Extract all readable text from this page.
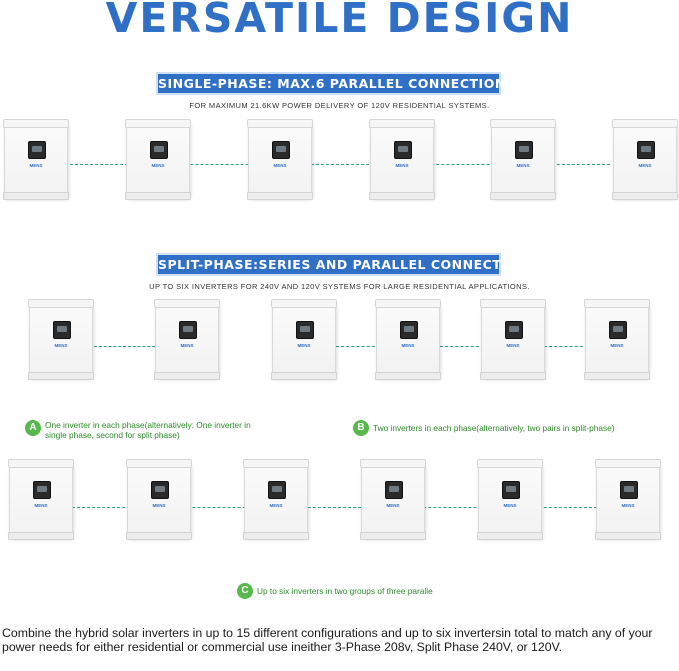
VERSATILE DESIGN
SINGLE-PHASE: MAX.6 PARALLEL CONNECTION
FOR MAXIMUM 21.6KW POWER DELIVERY OF 120V RESIDENTIAL SYSTEMS.
MENS	MENS	MENS	MENS	MENS	MENS
SPLIT-PHASE:SERIES AND PARALLEL CONNECTION
UP TO SIX INVERTERS FOR 240V AND 120V SYSTEMS FOR LARGE RESIDENTIAL APPLICATIONS.
MENS	MENS	MENS	MENS	MENS	MENS
A	One inverter in each phase(alternatively: One inverter in single phase, second for split phase)
B	Two inverters in each phase(alternatively, two pairs in split-phase)
MENS	MENS	MENS	MENS	MENS	MENS
C	Up to six inverters in two groups of three paralle
Combine the hybrid solar inverters in up to 15 different configurations and up to six invertersin total to match any of your power needs for either residential or commercial use ineither 3-Phase 208v, Split Phase 240V, or 120V.
